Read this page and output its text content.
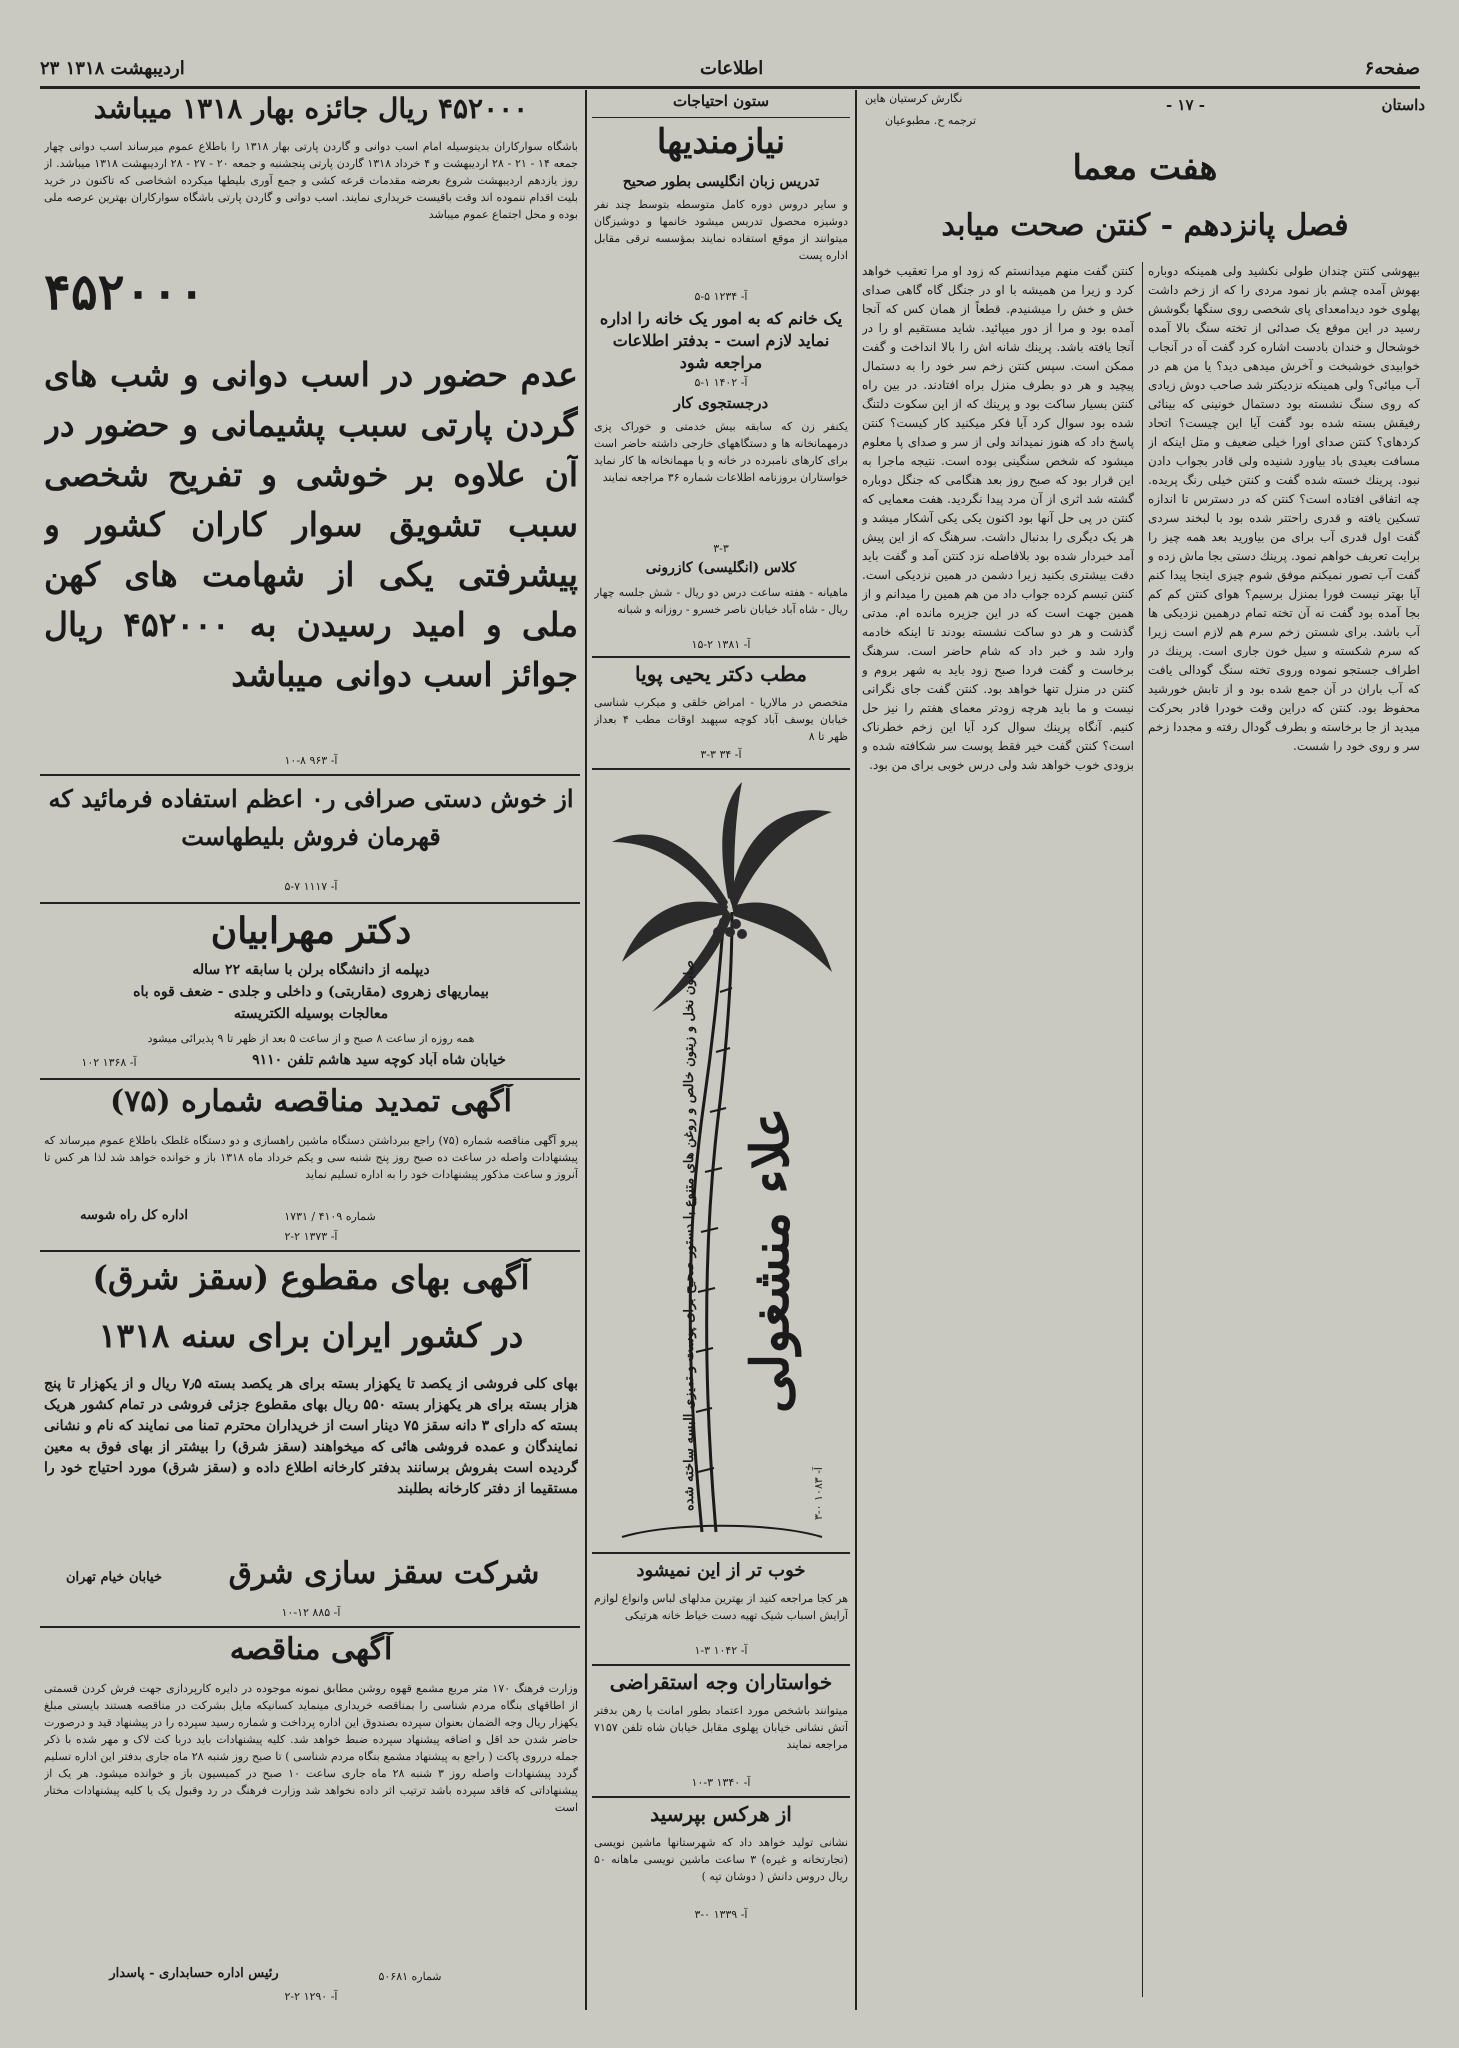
صفحه۶
اطلاعات
۲۳ اردیبهشت ۱۳۱۸
داستان
- ۱۷ -
نگارش کرستیان هاین
ترجمه ح. مطبوعیان
هفت معما
فصل پانزدهم - کنتن صحت میابد
بیهوشی کنتن چندان طولی نکشید ولی همینکه دوباره بهوش آمده چشم باز نمود مردی را که از زخم داشت پهلوی خود دیدامعدای پای شخصی روی سنگها بگوشش رسید در این موقع یک صدائی از تخته سنگ بالا آمده خوشحال و خندان بادست اشاره کرد گفت آه در آنجاب خوابیدی خوشبخت و آخرش میدهی دید؟ یا من هم در آب میائی؟ ولی همینکه نزدیکتر شد صاحب دوش زیادی که روی سنگ نشسته بود دستمال خونینی که بینائی رفیقش بسته شده بود گفت آیا این چیست؟ اتحاد کردهای؟ کنتن صدای اورا خیلی ضعیف و متل اینکه از مسافت بعیدی باد بیاورد شنیده ولی قادر بجواب دادن نبود. پرینك خسته شده گفت و کنتن خیلی رنگ پریده. چه اتفاقی افتاده است؟ کنتن که در دسترس تا اندازه تسکین یافته و قدری راحتتر شده بود با لبخند سردی گفت اول قدری آب برای من بیاورید بعد همه چیز را برایت تعریف خواهم نمود. پرینك دستی بجا ماش زده و گفت آب تصور نمیکنم موفق شوم چیزی اینجا پیدا کنم آیا بهتر نیست فورا بمنزل برسیم؟ هوای کنتن کم کم بجا آمده بود گفت نه آن تخته تمام درهمین نزدیکی ها آب باشد. برای شستن زخم سرم هم لازم است زیرا که سرم شکسته و سیل خون جاری است. پرینك در اطراف جستجو نموده وروی تخته سنگ گودالی یافت که آب باران در آن جمع شده بود و از تابش خورشید محفوظ بود. کنتن که دراین وقت خودرا قادر بحرکت میدید از جا برخاسته و بطرف گودال رفته و مجددا زخم سر و روی خود را شست.
کنتن گفت منهم میدانستم که زود او مرا تعقیب خواهد کرد و زیرا من همیشه با او در جنگل گاه گاهی صدای خش و خش را میشنیدم. قطعاً از همان کس که آنجا آمده بود و مرا از دور میپائید. شاید مستقیم او را در آنجا یافته باشد. پرینك شانه اش را بالا انداخت و گفت ممکن است. سپس کنتن زخم سر خود را به دستمال پیچید و هر دو بطرف منزل براه افتادند. در بین راه کنتن بسیار ساکت بود و پرینك که از این سکوت دلتنگ شده بود سوال کرد آیا فکر میکنید کار کیست؟ کنتن پاسخ داد که هنوز نمیداند ولی از سر و صدای پا معلوم میشود که شخص سنگینی بوده است. نتیجه ماجرا به این قرار بود که صبح روز بعد هنگامی که جنگل دوباره گشته شد اثری از آن مرد پیدا نگردید. هفت معمایی که کنتن در پی حل آنها بود اکنون یکی یکی آشکار میشد و هر یک دیگری را بدنبال داشت. سرهنگ که از این پیش آمد خبردار شده بود بلافاصله نزد کنتن آمد و گفت باید دقت بیشتری بکنید زیرا دشمن در همین نزدیکی است. کنتن تبسم کرده جواب داد من هم همین را میدانم و از همین جهت است که در این جزیره مانده ام. مدتی گذشت و هر دو ساکت نشسته بودند تا اینکه خادمه وارد شد و خبر داد که شام حاضر است. سرهنگ برخاست و گفت فردا صبح زود باید به شهر بروم و کنتن در منزل تنها خواهد بود. کنتن گفت جای نگرانی نیست و ما باید هرچه زودتر معمای هفتم را نیز حل کنیم. آنگاه پرینك سوال کرد آیا این زخم خطرناک است؟ کنتن گفت خیر فقط پوست سر شکافته شده و بزودی خوب خواهد شد ولی درس خوبی برای من بود.
ستون احتیاجات
نیازمندیها
تدریس زبان انگلیسی بطور صحیح
و سایر دروس دوره کامل متوسطه بتوسط چند نفر دوشیزه محصول تدریس میشود خانمها و دوشیزگان میتوانند از موقع استفاده نمایند بمؤسسه ترقی مقابل اداره پست
آ- ۱۲۳۴ ۵-۵
یک خانم که به امور یک خانه را اداره نماید لازم است - بدفتر اطلاعات مراجعه شود
آ- ۱۴۰۲ ۱-۵
درجستجوی کار
یکنفر زن که سابقه بیش خدمتی و خوراک پزی درمهمانخانه ها و دستگاههای خارجی داشته حاضر است برای کارهای نامبرده در خانه و یا مهمانخانه ها کار نماید خواستاران بروزنامه اطلاعات شماره ۳۶ مراجعه نمایند
۳-۳
کلاس (انگلیسی) کازرونی
ماهیانه - هفته ساعت درس دو ریال - شش جلسه چهار ریال - شاه آباد خیابان ناصر خسرو - روزانه و شبانه
آ- ۱۳۸۱ ۲-۱۵
مطب دکتر یحیی پویا
متخصص در مالاریا - امراض خلقی و میکرب شناسی خیابان یوسف آباد کوچه سپهبد اوقات مطب ۴ بعداز ظهر تا ۸
آ- ۳۴ ۳-۳
علاء منشغولی
صابون نخل و زیتون خالص و روغن های متنوع با دستور صحیح برای پوست و تمیزی البسه ساخته شده
آ- ۱۰۸۳ ۰-۳
خوب تر از این نمیشود
هر کجا مراجعه کنید از بهترین مدلهای لباس وانواع لوازم آرایش اسباب شیک تهیه دست خیاط خانه هرتیکی
آ- ۱۰۴۲ ۳-۱
خواستاران وجه استقراضی
میتوانند باشخص مورد اعتماد بطور امانت یا رهن بدفتر آتش نشانی خیابان پهلوی مقابل خیابان شاه تلفن ۷۱۵۷ مراجعه نمایند
آ- ۱۳۴۰ ۳-۱۰
از هرکس بپرسید
نشانی تولید خواهد داد که شهرستانها ماشین نویسی (تجارتخانه و غیره) ۳ ساعت ماشین نویسی ماهانه ۵۰ ریال دروس دانش ( دوشان تپه )
آ- ۱۳۳۹ ۰-۳
۴۵۲۰۰۰ ریال جائزه بهار ۱۳۱۸ میباشد
باشگاه سوارکاران بدینوسیله امام اسب دوانی و گاردن پارتی بهار ۱۳۱۸ را باطلاع عموم میرساند اسب دوانی چهار جمعه ۱۴ - ۲۱ - ۲۸ اردیبهشت و ۴ خرداد ۱۳۱۸ گاردن پارتی پنجشنبه و جمعه ۲۰ - ۲۷ - ۲۸ اردیبهشت ۱۳۱۸ میباشد. از روز یازدهم اردیبهشت شروع بعرضه مقدمات قرعه کشی و جمع آوری بلیطها میکرده اشخاصی که تاکنون در خرید بلیت اقدام ننموده اند وقت باقیست خریداری نمایند. اسب دوانی و گاردن پارتی باشگاه سوارکاران بهترین عرصه ملی بوده و محل اجتماع عموم میباشد
۴۵۲۰۰۰
عدم حضور در اسب دوانی و شب های گردن پارتی سبب پشیمانی و حضور در آن علاوه بر خوشی و تفریح شخصی سبب تشویق سوار کاران کشور و پیشرفتی یکی از شهامت های کهن ملی و امید رسیدن به ۴۵۲۰۰۰ ریال جوائز اسب دوانی میباشد
آ- ۹۶۳ ۸-۱۰
از خوش دستی صرافی ر۰ اعظم استفاده فرمائید که قهرمان فروش بلیطهاست
آ- ۱۱۱۷ ۷-۵
دکتر مهرابیان
دیپلمه از دانشگاه برلن با سابقه ۲۲ ساله
بیماریهای زهروی (مقاربتی) و داخلی و جلدی - ضعف قوه باه
معالجات بوسیله الکتریسته
همه روزه از ساعت ۸ صبح و از ساعت ۵ بعد از ظهر تا ۹ پذیرائی میشود
خیابان شاه آباد کوچه سید هاشم تلفن ۹۱۱۰
آ- ۱۳۶۸ ۱۰۲
آگهی تمدید مناقصه شماره (۷۵)
پیرو آگهی مناقصه شماره (۷۵) راجع ببرداشتن دستگاه ماشین راهسازی و دو دستگاه غلطک باطلاع عموم میرساند که پیشنهادات واصله در ساعت ده صبح روز پنج شنبه سی و یکم خرداد ماه ۱۳۱۸ باز و خوانده خواهد شد لذا هر کس تا آنروز و ساعت مذکور پیشنهادات خود را به اداره تسلیم نماید
شماره ۴۱۰۹ / ۱۷۳۱
اداره کل راه شوسه
آ- ۱۳۷۳ ۲-۲
آگهی بهای مقطوع (سقز شرق)
در کشور ایران برای سنه ۱۳۱۸
بهای کلی فروشی از یکصد تا یکهزار بسته برای هر یکصد بسته ۷٫۵ ریال و از یکهزار تا پنج هزار بسته برای هر یکهزار بسته ۵۵۰ ریال بهای مقطوع جزئی فروشی در تمام کشور هریک بسته که دارای ۳ دانه سقز ۷۵ دینار است از خریداران محترم تمنا می نمایند که نام و نشانی نمایندگان و عمده فروشی هائی که میخواهند (سقز شرق) را بیشتر از بهای فوق به معین گردیده است بفروش برسانند بدفتر کارخانه اطلاع داده و (سقز شرق) مورد احتیاج خود را مستقیما از دفتر کارخانه بطلبند
شرکت سقز سازی شرق
خیابان خیام تهران
آ- ۸۸۵ ۱۲-۱۰
آگهی مناقصه
وزارت فرهنگ ۱۷۰ متر مربع مشمع قهوه روشن مطابق نمونه موجوده در دایره کارپردازی جهت فرش کردن قسمتی از اطاقهای بنگاه مردم شناسی را بمناقصه خریداری مینماید کسانیکه مایل بشرکت در مناقصه هستند بایستی مبلغ یکهزار ریال وجه الضمان بعنوان سپرده بصندوق این اداره پرداخت و شماره رسید سپرده را در پیشنهاد قید و درصورت حاضر شدن حد اقل و اضافه پیشنهاد سپرده ضبط خواهد شد. کلیه پیشنهادات باید دربا کت لاک و مهر شده با ذکر جمله درروی پاکت ( راجع به پیشنهاد مشمع بنگاه مردم شناسی ) تا صبح روز شنبه ۲۸ ماه جاری بدفتر این اداره تسلیم گردد پیشنهادات واصله روز ۳ شنبه ۲۸ ماه جاری ساعت ۱۰ صبح در کمیسیون باز و خوانده میشود. هر یک از پیشنهاداتی که فاقد سپرده باشد ترتیب اثر داده نخواهد شد وزارت فرهنگ در رد وقبول یک یا کلیه پیشنهادات مختار است
رئیس اداره حسابداری - پاسدار	شماره ۵۰۶۸۱
آ- ۱۲۹۰ ۲-۲
